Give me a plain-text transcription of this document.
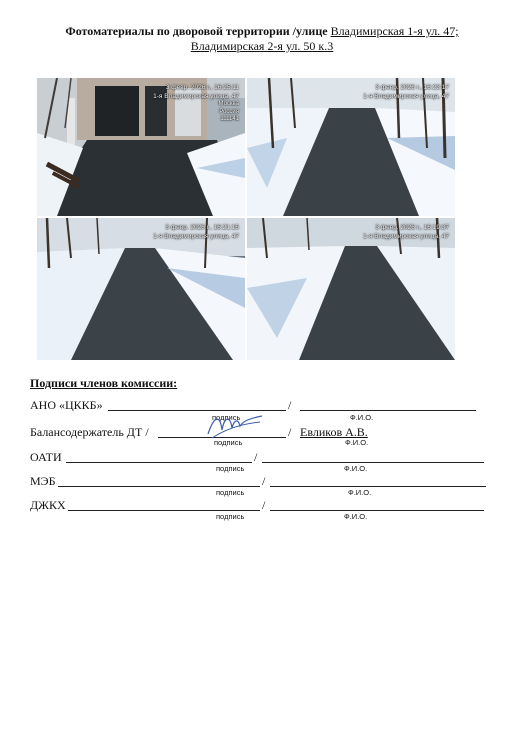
Фотоматериалы по дворовой территории /улице Владимирская 1-я ул. 47;
Владимирская 2-я ул. 50 к.3
3 февр. 2026 г., 16:25:11
1-я Владимирская улица, 47
Москва
Россия
111141
3 февр. 2026 г., 16:23:17
1-я Владимирская улица, 47
3 февр. 2026 г., 16:21:15
1-я Владимирская улица, 47
3 февр. 2026 г., 16:19:37
1-я Владимирская улица, 47
Подписи членов комиссии:
АНО «ЦККБ»	/
подпись	Ф.И.О.
Балансодержатель ДТ /	/ Евликов А.В.
подпись	Ф.И.О.
ОАТИ	/
подпись	Ф.И.О.
МЭБ	/
подпись	Ф.И.О.
ДЖКХ	/
подпись	Ф.И.О.
